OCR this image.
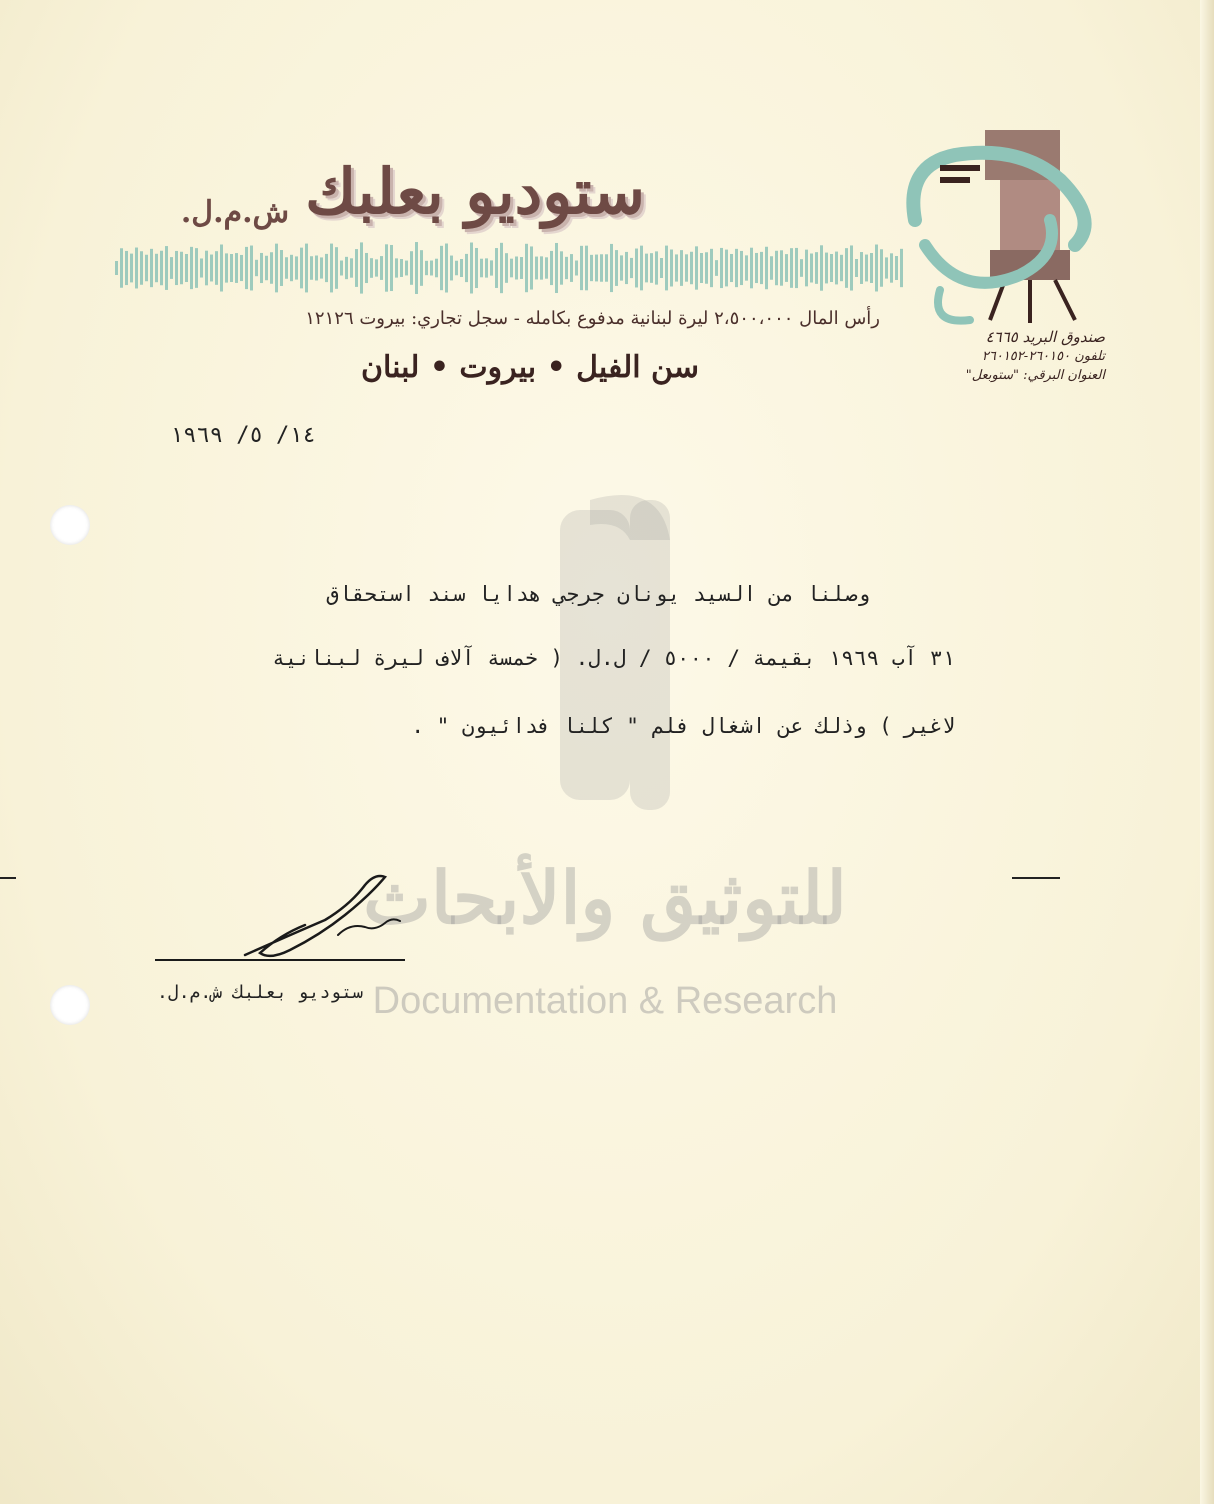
ش.م.ل. ستوديو بعلبك
رأس المال ٢،٥٠٠،٠٠٠ ليرة لبنانية مدفوع بكامله - سجل تجاري: بيروت ١٢١٢٦
سن الفيل • بيروت • لبنان
صندوق البريد ٤٦٦٥
تلفون ٢٦٠١٥٠-٢٦٠١٥٢
العنوان البرقي: "ستوبعل"
١٤/ ٥/ ١٩٦٩
للتوثيق والأبحاث
Documentation & Research
وصلنا من السيد يونان جرجي هدايا سند استحقاق
٣١ آب ١٩٦٩ بقيمة / ٥٠٠٠ / ل.ل. ( خمسة آلاف ليرة لبنانية
لاغير ) وذلك عن اشغال فلم " كلنا فدائيون " .
ستوديو بعلبك ش.م.ل.
